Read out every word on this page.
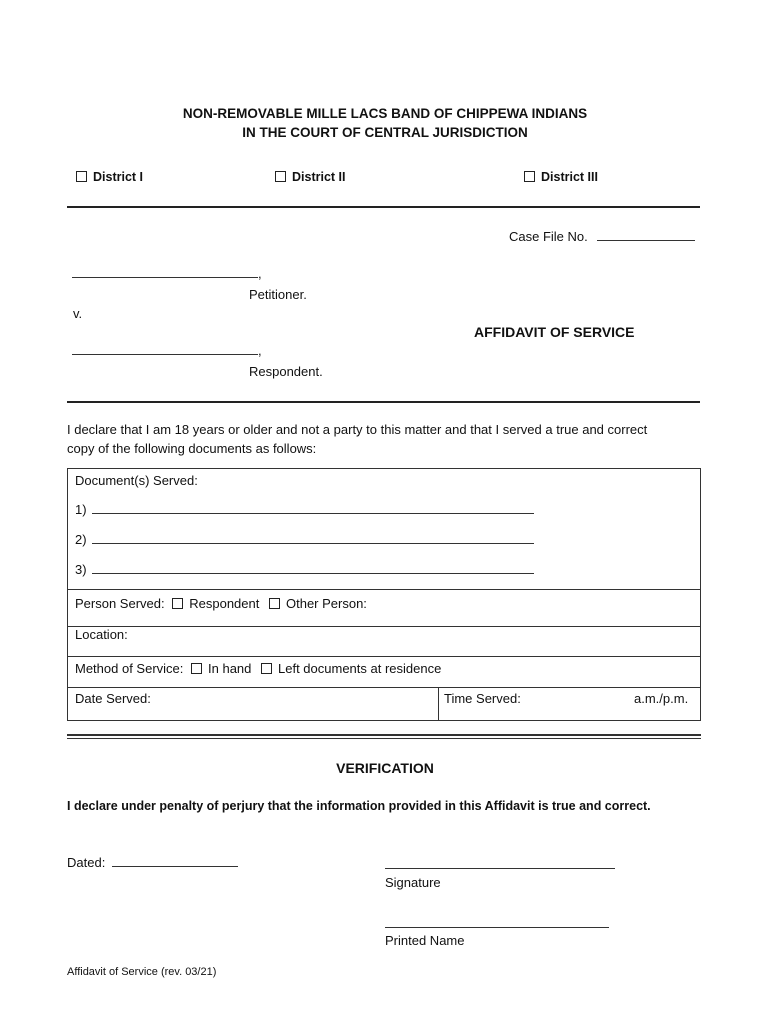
NON-REMOVABLE MILLE LACS BAND OF CHIPPEWA INDIANS
IN THE COURT OF CENTRAL JURISDICTION
District I	District II	District III
Case File No.
,
Petitioner.
v.
AFFIDAVIT OF SERVICE
,
Respondent.
I declare that I am 18 years or older and not a party to this matter and that I served a true and correct
copy of the following documents as follows:
Document(s) Served:
1)
2)
3)
Person Served: Respondent Other Person:
Location:
Method of Service: In hand Left documents at residence
Date Served:	Time Served:	a.m./p.m.
VERIFICATION
I declare under penalty of perjury that the information provided in this Affidavit is true and correct.
Dated:
Signature
Printed Name
Affidavit of Service (rev. 03/21)
